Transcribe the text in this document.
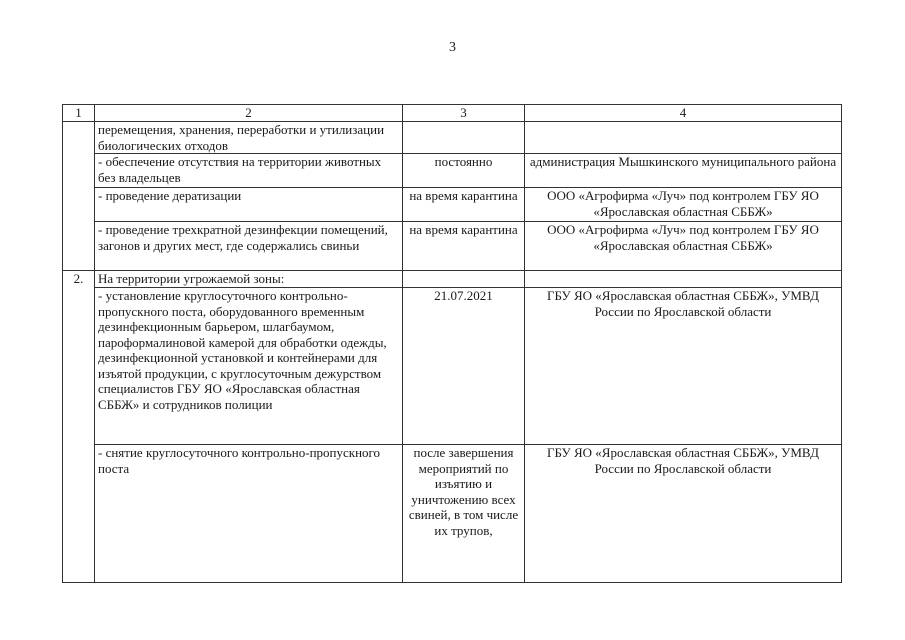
3
1	2	3	4
	перемещения, хранения, переработки и утилизации биологических отходов		
	- обеспечение отсутствия на территории животных без владельцев	постоянно	администрация Мышкинского муниципального района
	- проведение дератизации	на время карантина	ООО «Агрофирма «Луч» под контролем ГБУ ЯО «Ярославская областная СББЖ»
	- проведение трехкратной дезинфекции помещений, загонов и других мест, где содержались свиньи	на время карантина	ООО «Агрофирма «Луч» под контролем ГБУ ЯО «Ярославская областная СББЖ»
2.	На территории угрожаемой зоны:		
	- установление круглосуточного контрольно-пропускного поста, оборудованного временным дезинфекционным барьером, шлагбаумом, пароформалиновой камерой для обработки одежды, дезинфекционной установкой и контейнерами для изъятой продукции, с круглосуточным дежурством специалистов ГБУ ЯО «Ярославская областная СББЖ» и сотрудников полиции	21.07.2021	ГБУ ЯО «Ярославская областная СББЖ», УМВД России по Ярославской области
	- снятие круглосуточного контрольно-пропускного поста	после завершения мероприятий по изъятию и уничтожению всех свиней, в том числе их трупов,	ГБУ ЯО «Ярославская областная СББЖ», УМВД России по Ярославской области
